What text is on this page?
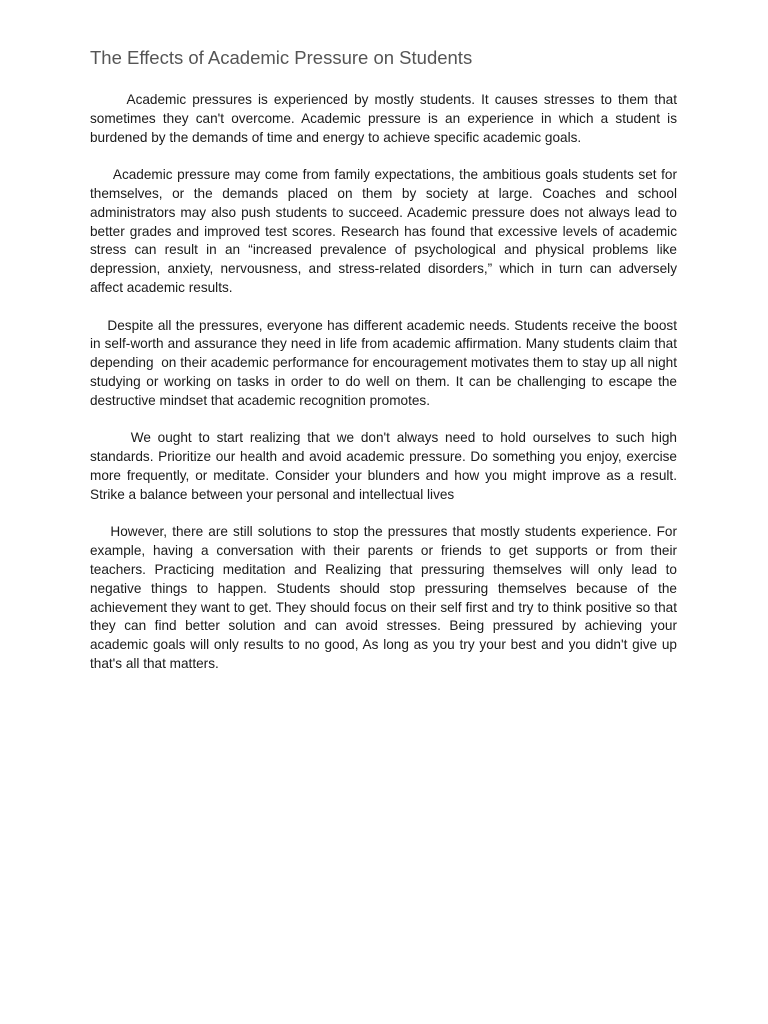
The Effects of Academic Pressure on Students

Academic pressures is experienced by mostly students. It causes stresses to them that sometimes they can't overcome. Academic pressure is an experience in which a student is burdened by the demands of time and energy to achieve specific academic goals.

Academic pressure may come from family expectations, the ambitious goals students set for themselves, or the demands placed on them by society at large. Coaches and school administrators may also push students to succeed. Academic pressure does not always lead to better grades and improved test scores. Research has found that excessive levels of academic stress can result in an “increased prevalence of psychological and physical problems like depression, anxiety, nervousness, and stress-related disorders,” which in turn can adversely affect academic results.

Despite all the pressures, everyone has different academic needs. Students receive the boost in self-worth and assurance they need in life from academic affirmation. Many students claim that depending  on their academic performance for encouragement motivates them to stay up all night studying or working on tasks in order to do well on them. It can be challenging to escape the destructive mindset that academic recognition promotes.

We ought to start realizing that we don't always need to hold ourselves to such high standards. Prioritize our health and avoid academic pressure. Do something you enjoy, exercise more frequently, or meditate. Consider your blunders and how you might improve as a result. Strike a balance between your personal and intellectual lives

However, there are still solutions to stop the pressures that mostly students experience. For example, having a conversation with their parents or friends to get supports or from their teachers. Practicing meditation and Realizing that pressuring themselves will only lead to negative things to happen. Students should stop pressuring themselves because of the achievement they want to get. They should focus on their self first and try to think positive so that they can find better solution and can avoid stresses. Being pressured by achieving your academic goals will only results to no good, As long as you try your best and you didn't give up that's all that matters.
